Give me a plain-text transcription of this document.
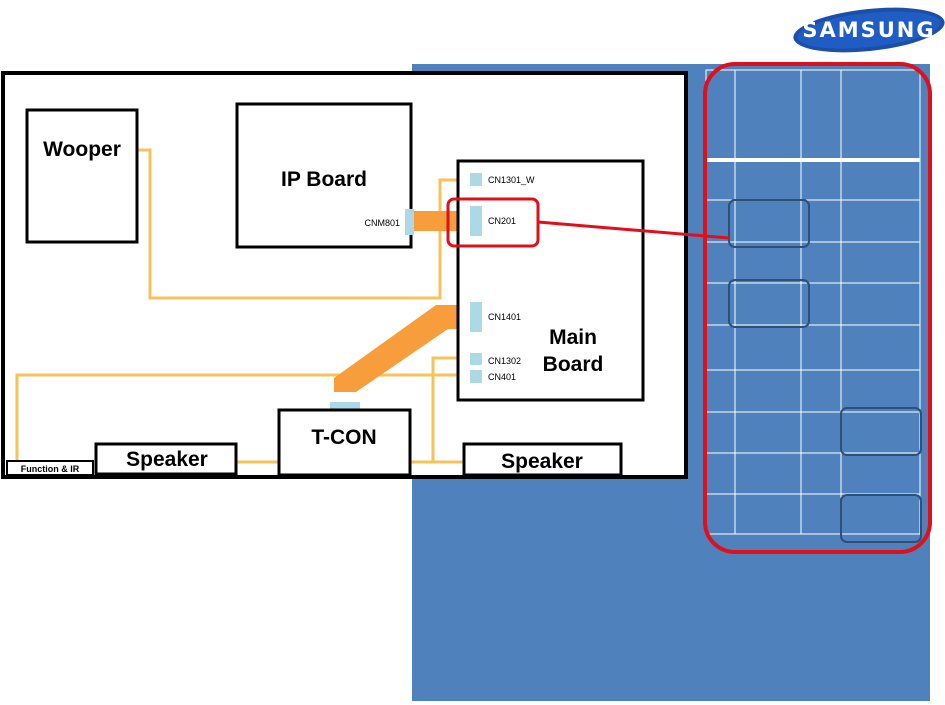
SAMSUNG
Wooper
IP Board
Main
Board
T-CON
Speaker	Speaker
Function & IR
CNM801
CN1301_W
CN201
CN1401
CN1302
CN401
